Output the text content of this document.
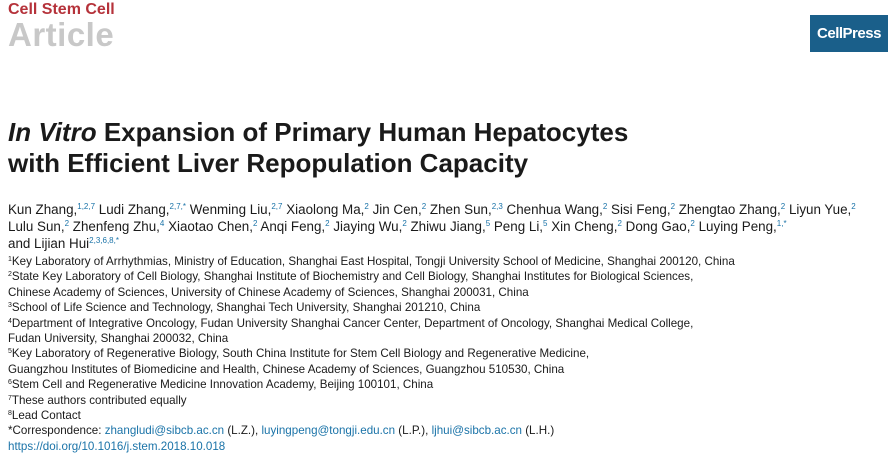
Cell Stem Cell
Article	CellPress
In Vitro Expansion of Primary Human Hepatocytes
with Efficient Liver Repopulation Capacity
Kun Zhang,$^{1,2,7}$ Ludi Zhang,$^{2,7,*}$ Wenming Liu,$^{2,7}$ Xiaolong Ma,$^2$ Jin Cen,$^2$ Zhen Sun,$^{2,3}$ Chenhua Wang,$^2$ Sisi Feng,$^2$ Zhengtao Zhang,$^2$ Liyun Yue,$^2$ Lulu Sun,$^2$ Zhenfeng Zhu,$^4$ Xiaotao Chen,$^2$ Anqi Feng,$^2$ Jiaying Wu,$^2$ Zhiwu Jiang,$^5$ Peng Li,$^5$ Xin Cheng,$^2$ Dong Gao,$^2$ Luying Peng,$^{1,*}$ and Lijian Hui$^{2,3,6,8,*}$

$^1$Key Laboratory of Arrhythmias, Ministry of Education, Shanghai East Hospital, Tongji University School of Medicine, Shanghai 200120, China

$^2$State Key Laboratory of Cell Biology, Shanghai Institute of Biochemistry and Cell Biology, Shanghai Institutes for Biological Sciences,

Chinese Academy of Sciences, University of Chinese Academy of Sciences, Shanghai 200031, China

$^3$School of Life Science and Technology, Shanghai Tech University, Shanghai 201210, China

$^4$Department of Integrative Oncology, Fudan University Shanghai Cancer Center, Department of Oncology, Shanghai Medical College,

Fudan University, Shanghai 200032, China

$^5$Key Laboratory of Regenerative Biology, South China Institute for Stem Cell Biology and Regenerative Medicine,

Guangzhou Institutes of Biomedicine and Health, Chinese Academy of Sciences, Guangzhou 510530, China

$^6$Stem Cell and Regenerative Medicine Innovation Academy, Beijing 100101, China

$^7$These authors contributed equally

$^8$Lead Contact

*Correspondence: zhangludi@sibcb.ac.cn (L.Z.), luyingpeng@tongji.edu.cn (L.P.), ljhui@sibcb.ac.cn (L.H.)

https://doi.org/10.1016/j.stem.2018.10.018
